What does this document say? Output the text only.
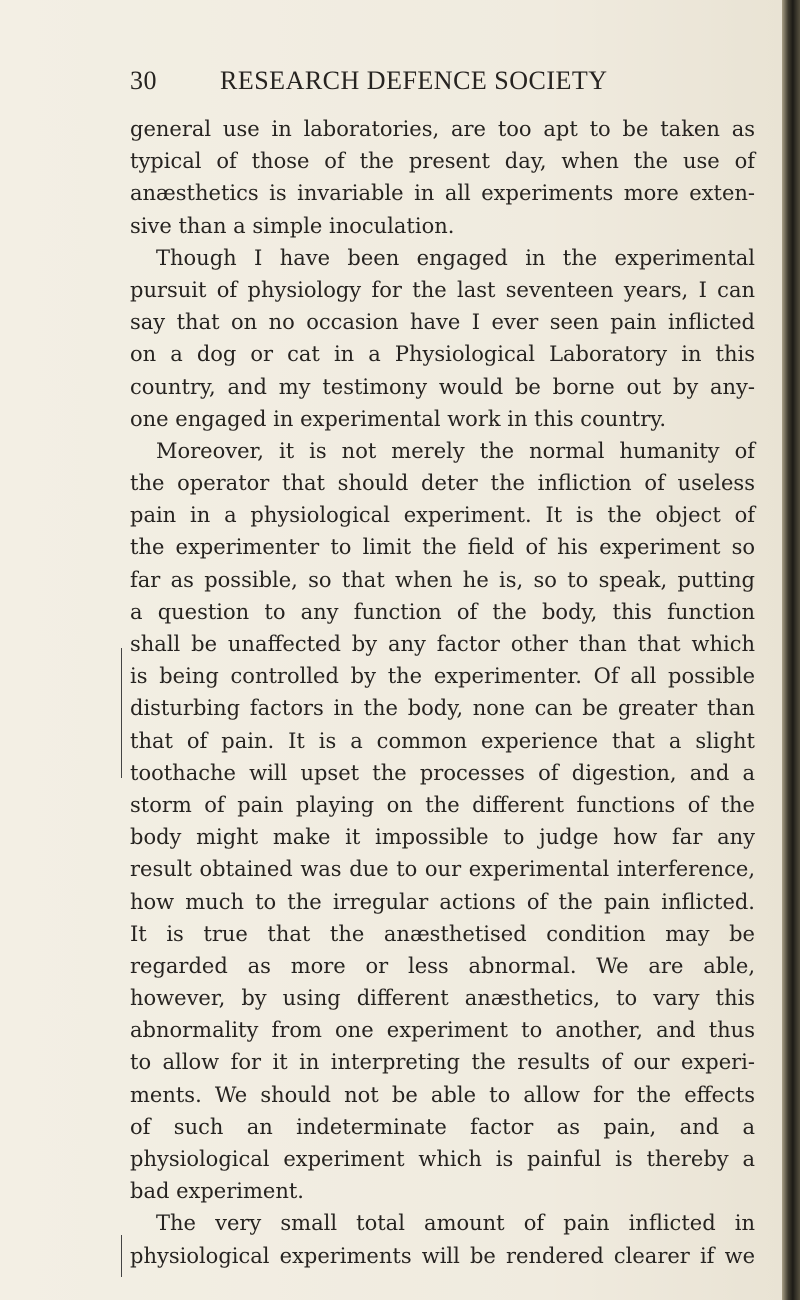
30 RESEARCH DEFENCE SOCIETY
general use in laboratories, are too apt to be taken as
typical of those of the present day, when the use of
anæsthetics is invariable in all experiments more exten-
sive than a simple inoculation.
Though I have been engaged in the experimental
pursuit of physiology for the last seventeen years, I can
say that on no occasion have I ever seen pain inflicted
on a dog or cat in a Physiological Laboratory in this
country, and my testimony would be borne out by any-
one engaged in experimental work in this country.
Moreover, it is not merely the normal humanity of
the operator that should deter the infliction of useless
pain in a physiological experiment. It is the object of
the experimenter to limit the field of his experiment so
far as possible, so that when he is, so to speak, putting
a question to any function of the body, this function
shall be unaffected by any factor other than that which
is being controlled by the experimenter. Of all possible
disturbing factors in the body, none can be greater than
that of pain. It is a common experience that a slight
toothache will upset the processes of digestion, and a
storm of pain playing on the different functions of the
body might make it impossible to judge how far any
result obtained was due to our experimental interference,
how much to the irregular actions of the pain inflicted.
It is true that the anæsthetised condition may be
regarded as more or less abnormal. We are able,
however, by using different anæsthetics, to vary this
abnormality from one experiment to another, and thus
to allow for it in interpreting the results of our experi-
ments. We should not be able to allow for the effects
of such an indeterminate factor as pain, and a
physiological experiment which is painful is thereby a
bad experiment.
The very small total amount of pain inflicted in
physiological experiments will be rendered clearer if we
